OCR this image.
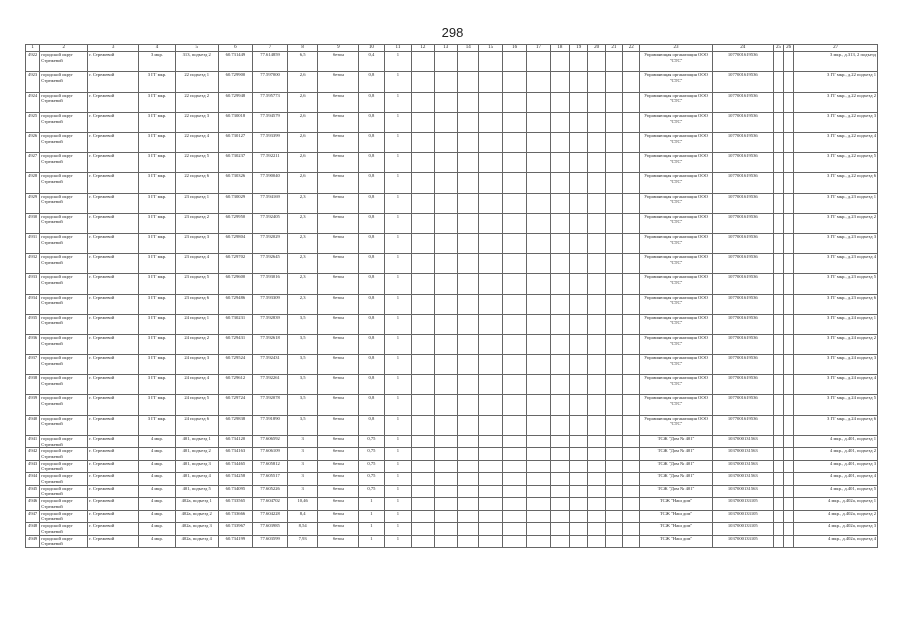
298
1	2	3	4	5	6	7	8	9	10	11	12	13	14	15	16	17	18	19	20	21	22	23	24	25	26	27
4922	городской округ Стрежевой	г. Стрежевой	3 мкр.	313, подъезд 2	60.731449	77.614859	6,5	бетон	0,4	1												Управляющая организация ООО "СТС"	1077001619536			3 мкр., д.313, 2 подъезд
4923	городской округ Стрежевой	г. Стрежевой	3 ГГ мкр.	22 подъезд 1	60.729900	77.597000	2,6	бетон	0,8	1												Управляющая организация ООО "СТС"	1077001619536			3 ГГ мкр., д.22 подъезд 1
4924	городской округ Стрежевой	г. Стрежевой	3 ГГ мкр.	22 подъезд 2	60.729948	77.595773	2,6	бетон	0,8	1												Управляющая организация ООО "СТС"	1077001619536			3 ГГ мкр., д.22 подъезд 2
4925	городской округ Стрежевой	г. Стрежевой	3 ГГ мкр.	22 подъезд 3	60.730018	77.594579	2,6	бетон	0,8	1												Управляющая организация ООО "СТС"	1077001619536			3 ГГ мкр., д.22 подъезд 3
4926	городской округ Стрежевой	г. Стрежевой	3 ГГ мкр.	22 подъезд 4	60.730127	77.593399	2,6	бетон	0,8	1												Управляющая организация ООО "СТС"	1077001619536			3 ГГ мкр., д.22 подъезд 4
4927	городской округ Стрежевой	г. Стрежевой	3 ГГ мкр.	22 подъезд 5	60.730237	77.592211	2,6	бетон	0,8	1												Управляющая организация ООО "СТС"	1077001619536			3 ГГ мкр., д.22 подъезд 5
4928	городской округ Стрежевой	г. Стрежевой	3 ГГ мкр.	22 подъезд 6	60.730326	77.590040	2,6	бетон	0,8	1												Управляющая организация ООО "СТС"	1077001619536			3 ГГ мкр., д.22 подъезд 6
4929	городской округ Стрежевой	г. Стрежевой	3 ГГ мкр.	23 подъезд 1	60.730029	77.594169	2,3	бетон	0,8	1												Управляющая организация ООО "СТС"	1077001619536			3 ГГ мкр., д.23 подъезд 1
4930	городской округ Стрежевой	г. Стрежевой	3 ГГ мкр.	23 подъезд 2	60.729950	77.592405	2,3	бетон	0,8	1												Управляющая организация ООО "СТС"	1077001619536			3 ГГ мкр., д.23 подъезд 2
4931	городской округ Стрежевой	г. Стрежевой	3 ГГ мкр.	23 подъезд 3	60.729804	77.592029	2,3	бетон	0,8	1												Управляющая организация ООО "СТС"	1077001619536			3 ГГ мкр., д.23 подъезд 3
4932	городской округ Стрежевой	г. Стрежевой	3 ГГ мкр.	23 подъезд 4	60.729702	77.592645	2,3	бетон	0,8	1												Управляющая организация ООО "СТС"	1077001619536			3 ГГ мкр., д.23 подъезд 4
4933	городской округ Стрежевой	г. Стрежевой	3 ГГ мкр.	23 подъезд 5	60.729600	77.593016	2,3	бетон	0,8	1												Управляющая организация ООО "СТС"	1077001619536			3 ГГ мкр., д.23 подъезд 5
4934	городской округ Стрежевой	г. Стрежевой	3 ГГ мкр.	23 подъезд 6	60.729486	77.593309	2,3	бетон	0,8	1												Управляющая организация ООО "СТС"	1077001619536			3 ГГ мкр., д.23 подъезд 6
4935	городской округ Стрежевой	г. Стрежевой	3 ГГ мкр.	24 подъезд 1	60.730231	77.592839	3,5	бетон	0,8	1												Управляющая организация ООО "СТС"	1077001619536			3 ГГ мкр., д.24 подъезд 1
4936	городской округ Стрежевой	г. Стрежевой	3 ГГ мкр.	24 подъезд 2	60.729431	77.592618	3,5	бетон	0,8	1												Управляющая организация ООО "СТС"	1077001619536			3 ГГ мкр., д.24 подъезд 2
4937	городской округ Стрежевой	г. Стрежевой	3 ГГ мкр.	24 подъезд 3	60.729524	77.592431	3,5	бетон	0,8	1												Управляющая организация ООО "СТС"	1077001619536			3 ГГ мкр., д.24 подъезд 3
4938	городской округ Стрежевой	г. Стрежевой	3 ГГ мкр.	24 подъезд 4	60.729612	77.592261	3,5	бетон	0,8	1												Управляющая организация ООО "СТС"	1077001619536			3 ГГ мкр., д.24 подъезд 4
4939	городской округ Стрежевой	г. Стрежевой	3 ГГ мкр.	24 подъезд 5	60.729724	77.592078	3,5	бетон	0,8	1												Управляющая организация ООО "СТС"	1077001619536			3 ГГ мкр., д.24 подъезд 5
4940	городской округ Стрежевой	г. Стрежевой	3 ГГ мкр.	24 подъезд 6	60.729838	77.591890	3,5	бетон	0,8	1												Управляющая организация ООО "СТС"	1077001619536			3 ГГ мкр., д.24 подъезд 6
4941	городской округ Стрежевой	г. Стрежевой	4 мкр.	401, подъезд 1	60.734120	77.606592	3	бетон	0,75	1												ТСЖ "Дом № 401"	1037000131563			4 мкр., д.401, подъезд 1
4942	городской округ Стрежевой	г. Стрежевой	4 мкр.	401, подъезд 2	60.734163	77.606109	3	бетон	0,75	1												ТСЖ "Дом № 401"	1037000131563			4 мкр., д.401, подъезд 2
4943	городской округ Стрежевой	г. Стрежевой	4 мкр.	401, подъезд 3	60.734465	77.605812	3	бетон	0,75	1												ТСЖ "Дом № 401"	1037000131563			4 мкр., д.401, подъезд 3
4944	городской округ Стрежевой	г. Стрежевой	4 мкр.	401, подъезд 4	60.734258	77.605517	3	бетон	0,75	1												ТСЖ "Дом № 401"	1037000131563			4 мкр., д.401, подъезд 4
4945	городской округ Стрежевой	г. Стрежевой	4 мкр.	401, подъезд 5	60.734095	77.605226	3	бетон	0,75	1												ТСЖ "Дом № 401"	1037000131563			4 мкр., д.401, подъезд 5
4946	городской округ Стрежевой	г. Стрежевой	4 мкр.	402а, подъезд 1	60.733565	77.604702	10,46	бетон	1	1												ТСЖ "Наш дом"	1037000133105			4 мкр., д.402а, подъезд 1
4947	городской округ Стрежевой	г. Стрежевой	4 мкр.	402а, подъезд 2	60.733666	77.604228	8,4	бетон	1	1												ТСЖ "Наш дом"	1037000133105			4 мкр., д.402а, подъезд 2
4948	городской округ Стрежевой	г. Стрежевой	4 мкр.	402а, подъезд 3	60.733967	77.603985	8,54	бетон	1	1												ТСЖ "Наш дом"	1037000133105			4 мкр., д.402а, подъезд 3
4949	городской округ Стрежевой	г. Стрежевой	4 мкр.	402а, подъезд 4	60.734199	77.603599	7,93	бетон	1	1												ТСЖ "Наш дом"	1037000133105			4 мкр., д.402а, подъезд 4
